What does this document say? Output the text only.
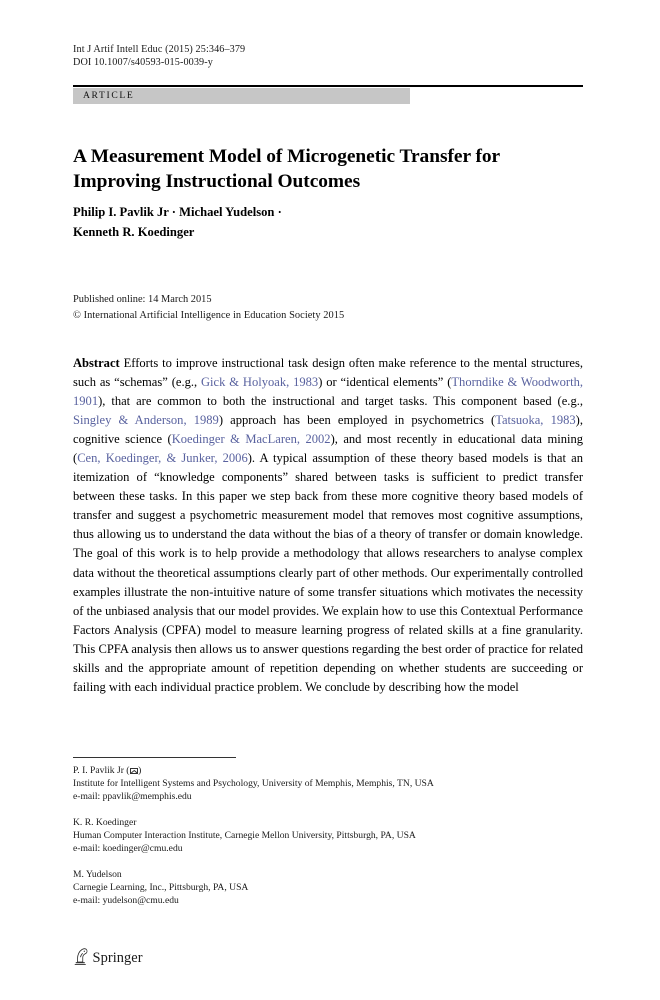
Int J Artif Intell Educ (2015) 25:346–379
DOI 10.1007/s40593-015-0039-y
ARTICLE
A Measurement Model of Microgenetic Transfer for Improving Instructional Outcomes
Philip I. Pavlik Jr · Michael Yudelson ·
Kenneth R. Koedinger
Published online: 14 March 2015
© International Artificial Intelligence in Education Society 2015
Abstract Efforts to improve instructional task design often make reference to the mental structures, such as “schemas” (e.g., Gick & Holyoak, 1983) or “identical elements” (Thorndike & Woodworth, 1901), that are common to both the instructional and target tasks. This component based (e.g., Singley & Anderson, 1989) approach has been employed in psychometrics (Tatsuoka, 1983), cognitive science (Koedinger & MacLaren, 2002), and most recently in educational data mining (Cen, Koedinger, & Junker, 2006). A typical assumption of these theory based models is that an itemization of “knowledge components” shared between tasks is sufficient to predict transfer between these tasks. In this paper we step back from these more cognitive theory based models of transfer and suggest a psychometric measurement model that removes most cognitive assumptions, thus allowing us to understand the data without the bias of a theory of transfer or domain knowledge. The goal of this work is to help provide a methodology that allows researchers to analyse complex data without the theoretical assumptions clearly part of other methods. Our experimentally controlled examples illustrate the non-intuitive nature of some transfer situations which motivates the necessity of the unbiased analysis that our model provides. We explain how to use this Contextual Performance Factors Analysis (CPFA) model to measure learning progress of related skills at a fine granularity. This CPFA analysis then allows us to answer questions regarding the best order of practice for related skills and the appropriate amount of repetition depending on whether students are succeeding or failing with each individual practice problem. We conclude by describing how the model
P. I. Pavlik Jr ( )
Institute for Intelligent Systems and Psychology, University of Memphis, Memphis, TN, USA
e-mail: ppavlik@memphis.edu
K. R. Koedinger
Human Computer Interaction Institute, Carnegie Mellon University, Pittsburgh, PA, USA
e-mail: koedinger@cmu.edu
M. Yudelson
Carnegie Learning, Inc., Pittsburgh, PA, USA
e-mail: yudelson@cmu.edu
Springer
